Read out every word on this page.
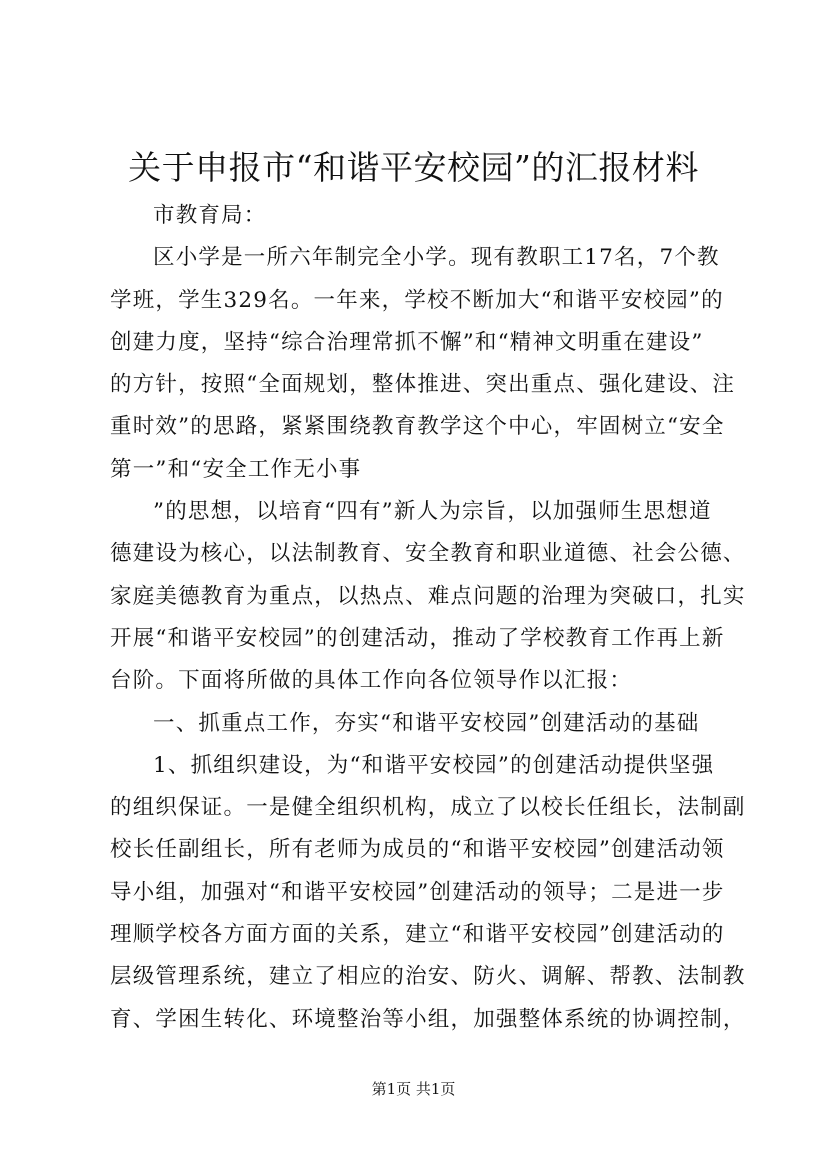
关于申报市“和谐平安校园”的汇报材料
市教育局：
区小学是一所六年制完全小学。现有教职工17名，7个教
学班，学生329名。一年来，学校不断加大“和谐平安校园”的
创建力度，坚持“综合治理常抓不懈”和“精神文明重在建设”
的方针，按照“全面规划，整体推进、突出重点、强化建设、注
重时效”的思路，紧紧围绕教育教学这个中心，牢固树立“安全
第一”和“安全工作无小事
”的思想，以培育“四有”新人为宗旨，以加强师生思想道
德建设为核心，以法制教育、安全教育和职业道德、社会公德、
家庭美德教育为重点，以热点、难点问题的治理为突破口，扎实
开展“和谐平安校园”的创建活动，推动了学校教育工作再上新
台阶。下面将所做的具体工作向各位领导作以汇报：
一、抓重点工作，夯实“和谐平安校园”创建活动的基础
1、抓组织建设，为“和谐平安校园”的创建活动提供坚强
的组织保证。一是健全组织机构，成立了以校长任组长，法制副
校长任副组长，所有老师为成员的“和谐平安校园”创建活动领
导小组，加强对“和谐平安校园”创建活动的领导；二是进一步
理顺学校各方面方面的关系，建立“和谐平安校园”创建活动的
层级管理系统，建立了相应的治安、防火、调解、帮教、法制教
育、学困生转化、环境整治等小组，加强整体系统的协调控制，
第1页 共1页
